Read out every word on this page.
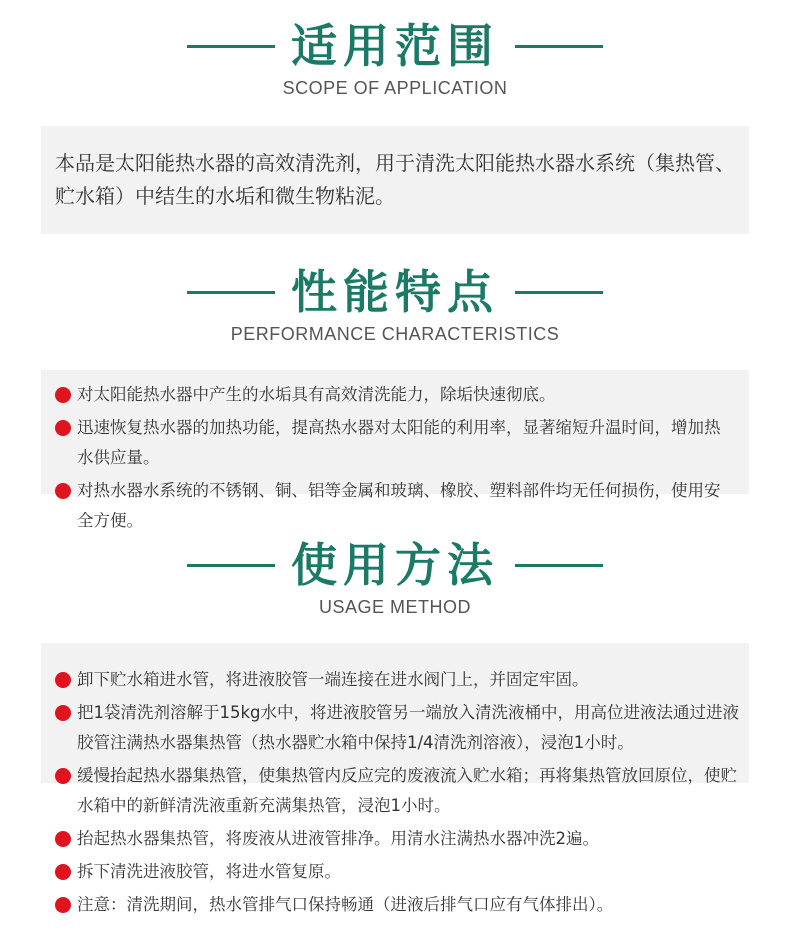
适用范围
SCOPE OF APPLICATION

本品是太阳能热水器的高效清洗剂，用于清洗太阳能热水器水系统（集热管、贮水箱）中结生的水垢和微生物粘泥。

性能特点
PERFORMANCE CHARACTERISTICS
对太阳能热水器中产生的水垢具有高效清洗能力，除垢快速彻底。
迅速恢复热水器的加热功能，提高热水器对太阳能的利用率，显著缩短升温时间，增加热水供应量。
对热水器水系统的不锈钢、铜、铝等金属和玻璃、橡胶、塑料部件均无任何损伤，使用安全方便。
使用方法
USAGE METHOD
卸下贮水箱进水管，将进液胶管一端连接在进水阀门上，并固定牢固。
把1袋清洗剂溶解于15kg水中，将进液胶管另一端放入清洗液桶中，用高位进液法通过进液胶管注满热水器集热管（热水器贮水箱中保持1/4清洗剂溶液），浸泡1小时。
缓慢抬起热水器集热管，使集热管内反应完的废液流入贮水箱；再将集热管放回原位，使贮水箱中的新鲜清洗液重新充满集热管，浸泡1小时。
抬起热水器集热管，将废液从进液管排净。用清水注满热水器冲洗2遍。
拆下清洗进液胶管，将进水管复原。
注意：清洗期间，热水管排气口保持畅通（进液后排气口应有气体排出）。
